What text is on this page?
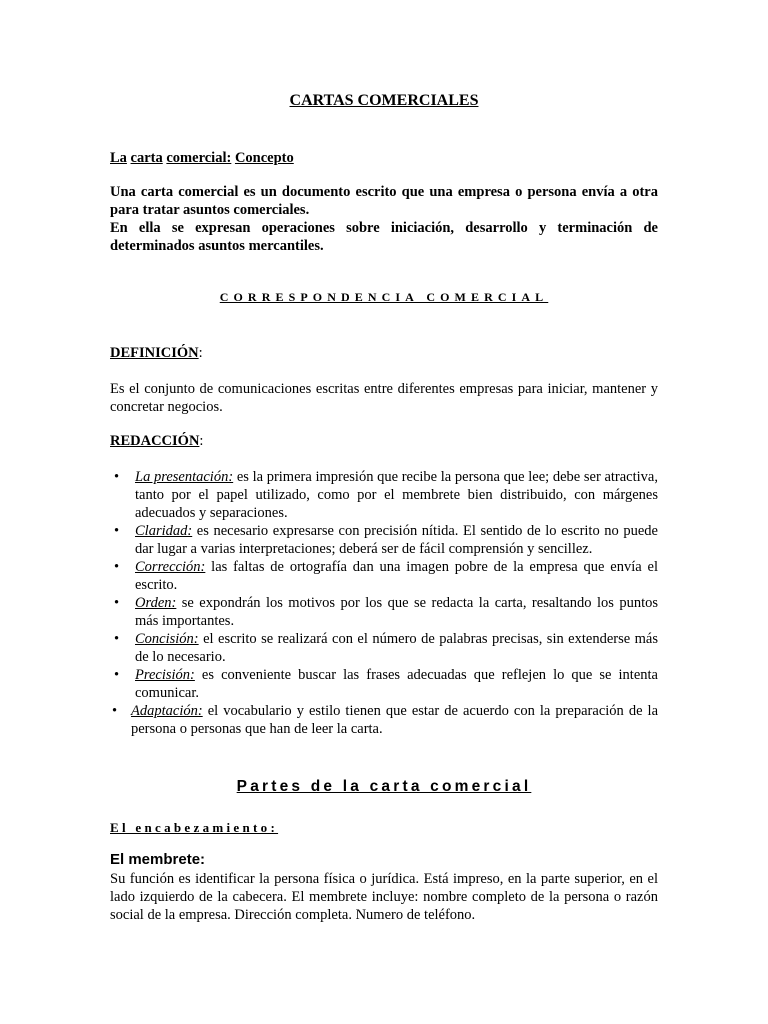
CARTAS COMERCIALES

La carta comercial: Concepto

Una carta comercial es un documento escrito que una empresa o persona envía a otra para tratar asuntos comerciales.

En ella se expresan operaciones sobre iniciación, desarrollo y terminación de determinados asuntos mercantiles.

CORRESPONDENCIA COMERCIAL

DEFINICIÓN:

Es el conjunto de comunicaciones escritas entre diferentes empresas para iniciar, mantener y concretar negocios.

REDACCIÓN:

• La presentación: es la primera impresión que recibe la persona que lee; debe ser atractiva, tanto por el papel utilizado, como por el membrete bien distribuido, con márgenes adecuados y separaciones.
• Claridad: es necesario expresarse con precisión nítida. El sentido de lo escrito no puede dar lugar a varias interpretaciones; deberá ser de fácil comprensión y sencillez.
• Corrección: las faltas de ortografía dan una imagen pobre de la empresa que envía el escrito.
• Orden: se expondrán los motivos por los que se redacta la carta, resaltando los puntos más importantes.
• Concisión: el escrito se realizará con el número de palabras precisas, sin extenderse más de lo necesario.
• Precisión: es conveniente buscar las frases adecuadas que reflejen lo que se intenta comunicar.
• Adaptación: el vocabulario y estilo tienen que estar de acuerdo con la preparación de la persona o personas que han de leer la carta.

Partes de la carta comercial

El encabezamiento:

El membrete:

Su función es identificar la persona física o jurídica. Está impreso, en la parte superior, en el lado izquierdo de la cabecera. El membrete incluye: nombre completo de la persona o razón social de la empresa. Dirección completa. Numero de teléfono.
